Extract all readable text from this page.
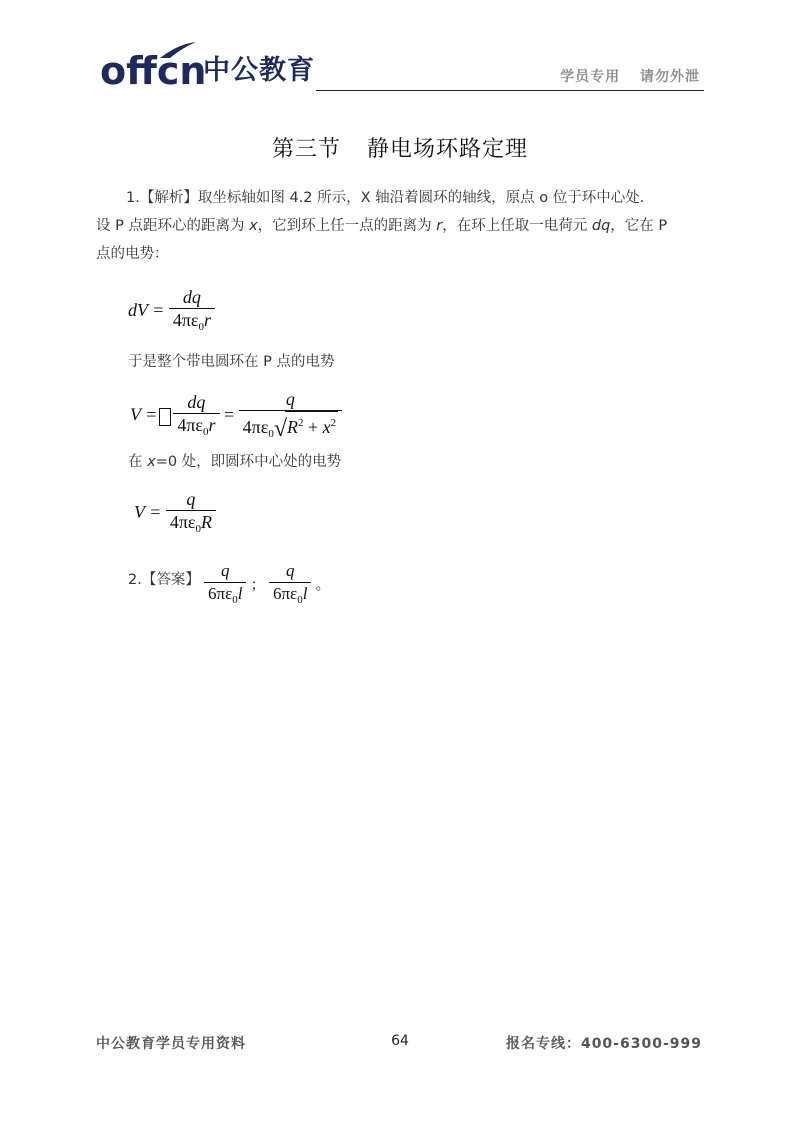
offcn
中公教育	学员专用 请勿外泄
第三节 静电场环路定理
1.【解析】取坐标轴如图 4.2 所示，X 轴沿着圆环的轴线，原点 o 位于环中心处.
设 P 点距环心的距离为 x，它到环上任一点的距离为 r，在环上任取一电荷元 dq，它在 P
点的电势：
dV = $\frac{dq}{4\pi\varepsilon_0r}$
于是整个带电圆环在 P 点的电势
$V = \frac{dq}{4\pi\varepsilon_0r} = \frac{q}{4\pi\varepsilon_0√R^2 + x^2}$
在 x=0 处，即圆环中心处的电势
$V = \frac{q}{4\pi\varepsilon_0R}$
2.【答案】 $\frac{q}{6\pi\varepsilon_0l}$ ； $\frac{q}{6\pi\varepsilon_0l}$ 。
中公教育学员专用资料	64	报名专线：400-6300-999
